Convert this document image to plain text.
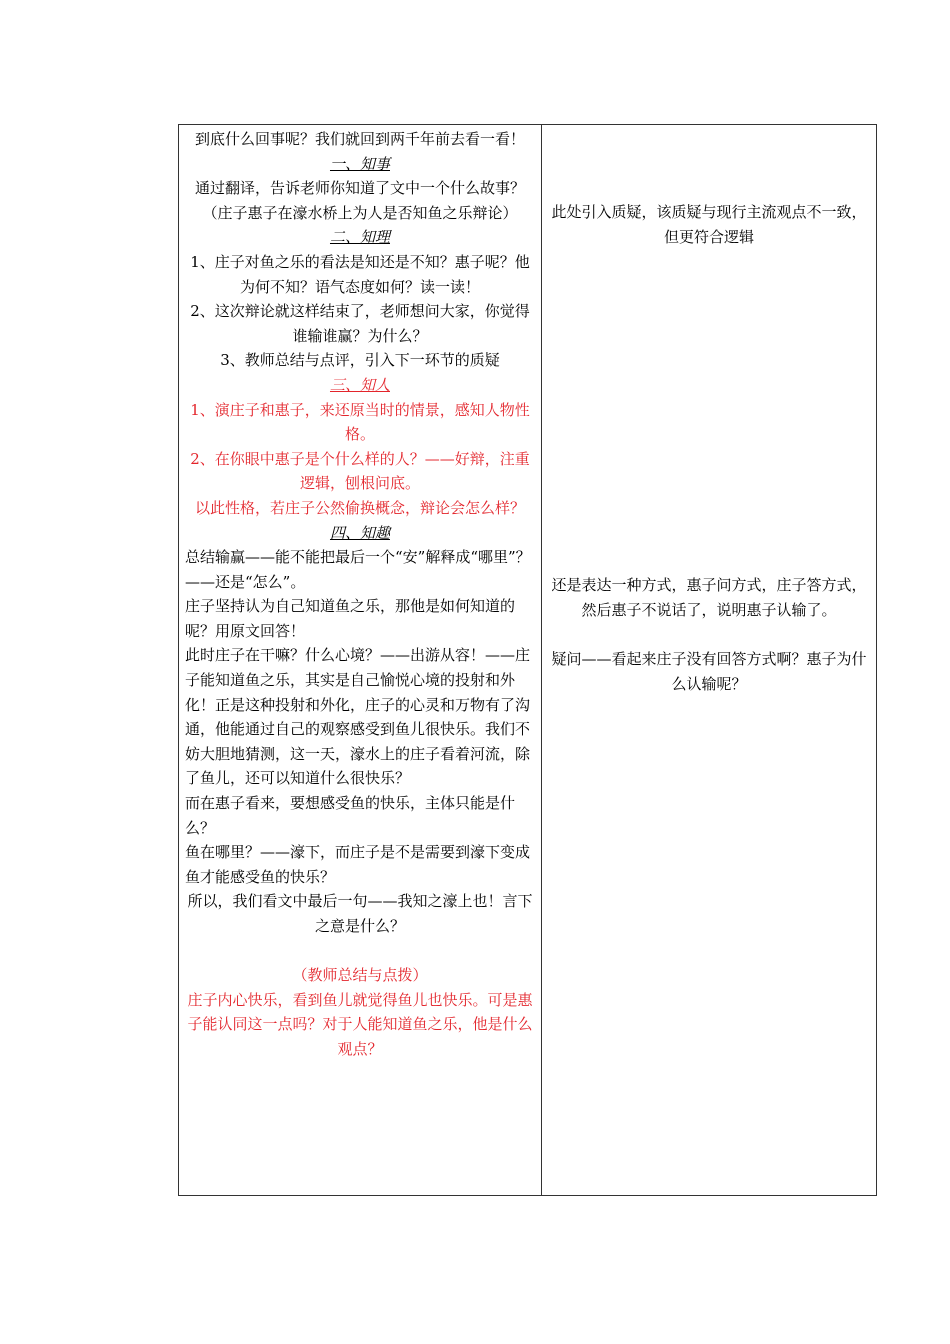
到底什么回事呢？我们就回到两千年前去看一看！

一、知事

通过翻译，告诉老师你知道了文中一个什么故事？

（庄子惠子在濠水桥上为人是否知鱼之乐辩论）

二、知理

1、庄子对鱼之乐的看法是知还是不知？惠子呢？他为何不知？语气态度如何？读一读！

2、这次辩论就这样结束了，老师想问大家，你觉得谁输谁赢？为什么？

3、教师总结与点评，引入下一环节的质疑

三、知人

1、演庄子和惠子，来还原当时的情景，感知人物性格。

2、在你眼中惠子是个什么样的人？——好辩，注重逻辑，刨根问底。

以此性格，若庄子公然偷换概念，辩论会怎么样？

四、知趣

总结输赢——能不能把最后一个“安”解释成“哪里”？——还是“怎么”。

庄子坚持认为自己知道鱼之乐，那他是如何知道的呢？用原文回答！

此时庄子在干嘛？什么心境？——出游从容！——庄子能知道鱼之乐，其实是自己愉悦心境的投射和外化！正是这种投射和外化，庄子的心灵和万物有了沟通，他能通过自己的观察感受到鱼儿很快乐。我们不妨大胆地猜测，这一天，濠水上的庄子看着河流，除了鱼儿，还可以知道什么很快乐？

而在惠子看来，要想感受鱼的快乐，主体只能是什么？

鱼在哪里？——濠下，而庄子是不是需要到濠下变成鱼才能感受鱼的快乐？

所以，我们看文中最后一句——我知之濠上也！言下之意是什么？

（教师总结与点拨）

庄子内心快乐，看到鱼儿就觉得鱼儿也快乐。可是惠子能认同这一点吗？对于人能知道鱼之乐，他是什么观点？

此处引入质疑，该质疑与现行主流观点不一致，但更符合逻辑

还是表达一种方式，惠子问方式，庄子答方式，然后惠子不说话了，说明惠子认输了。

疑问——看起来庄子没有回答方式啊？惠子为什么认输呢？
